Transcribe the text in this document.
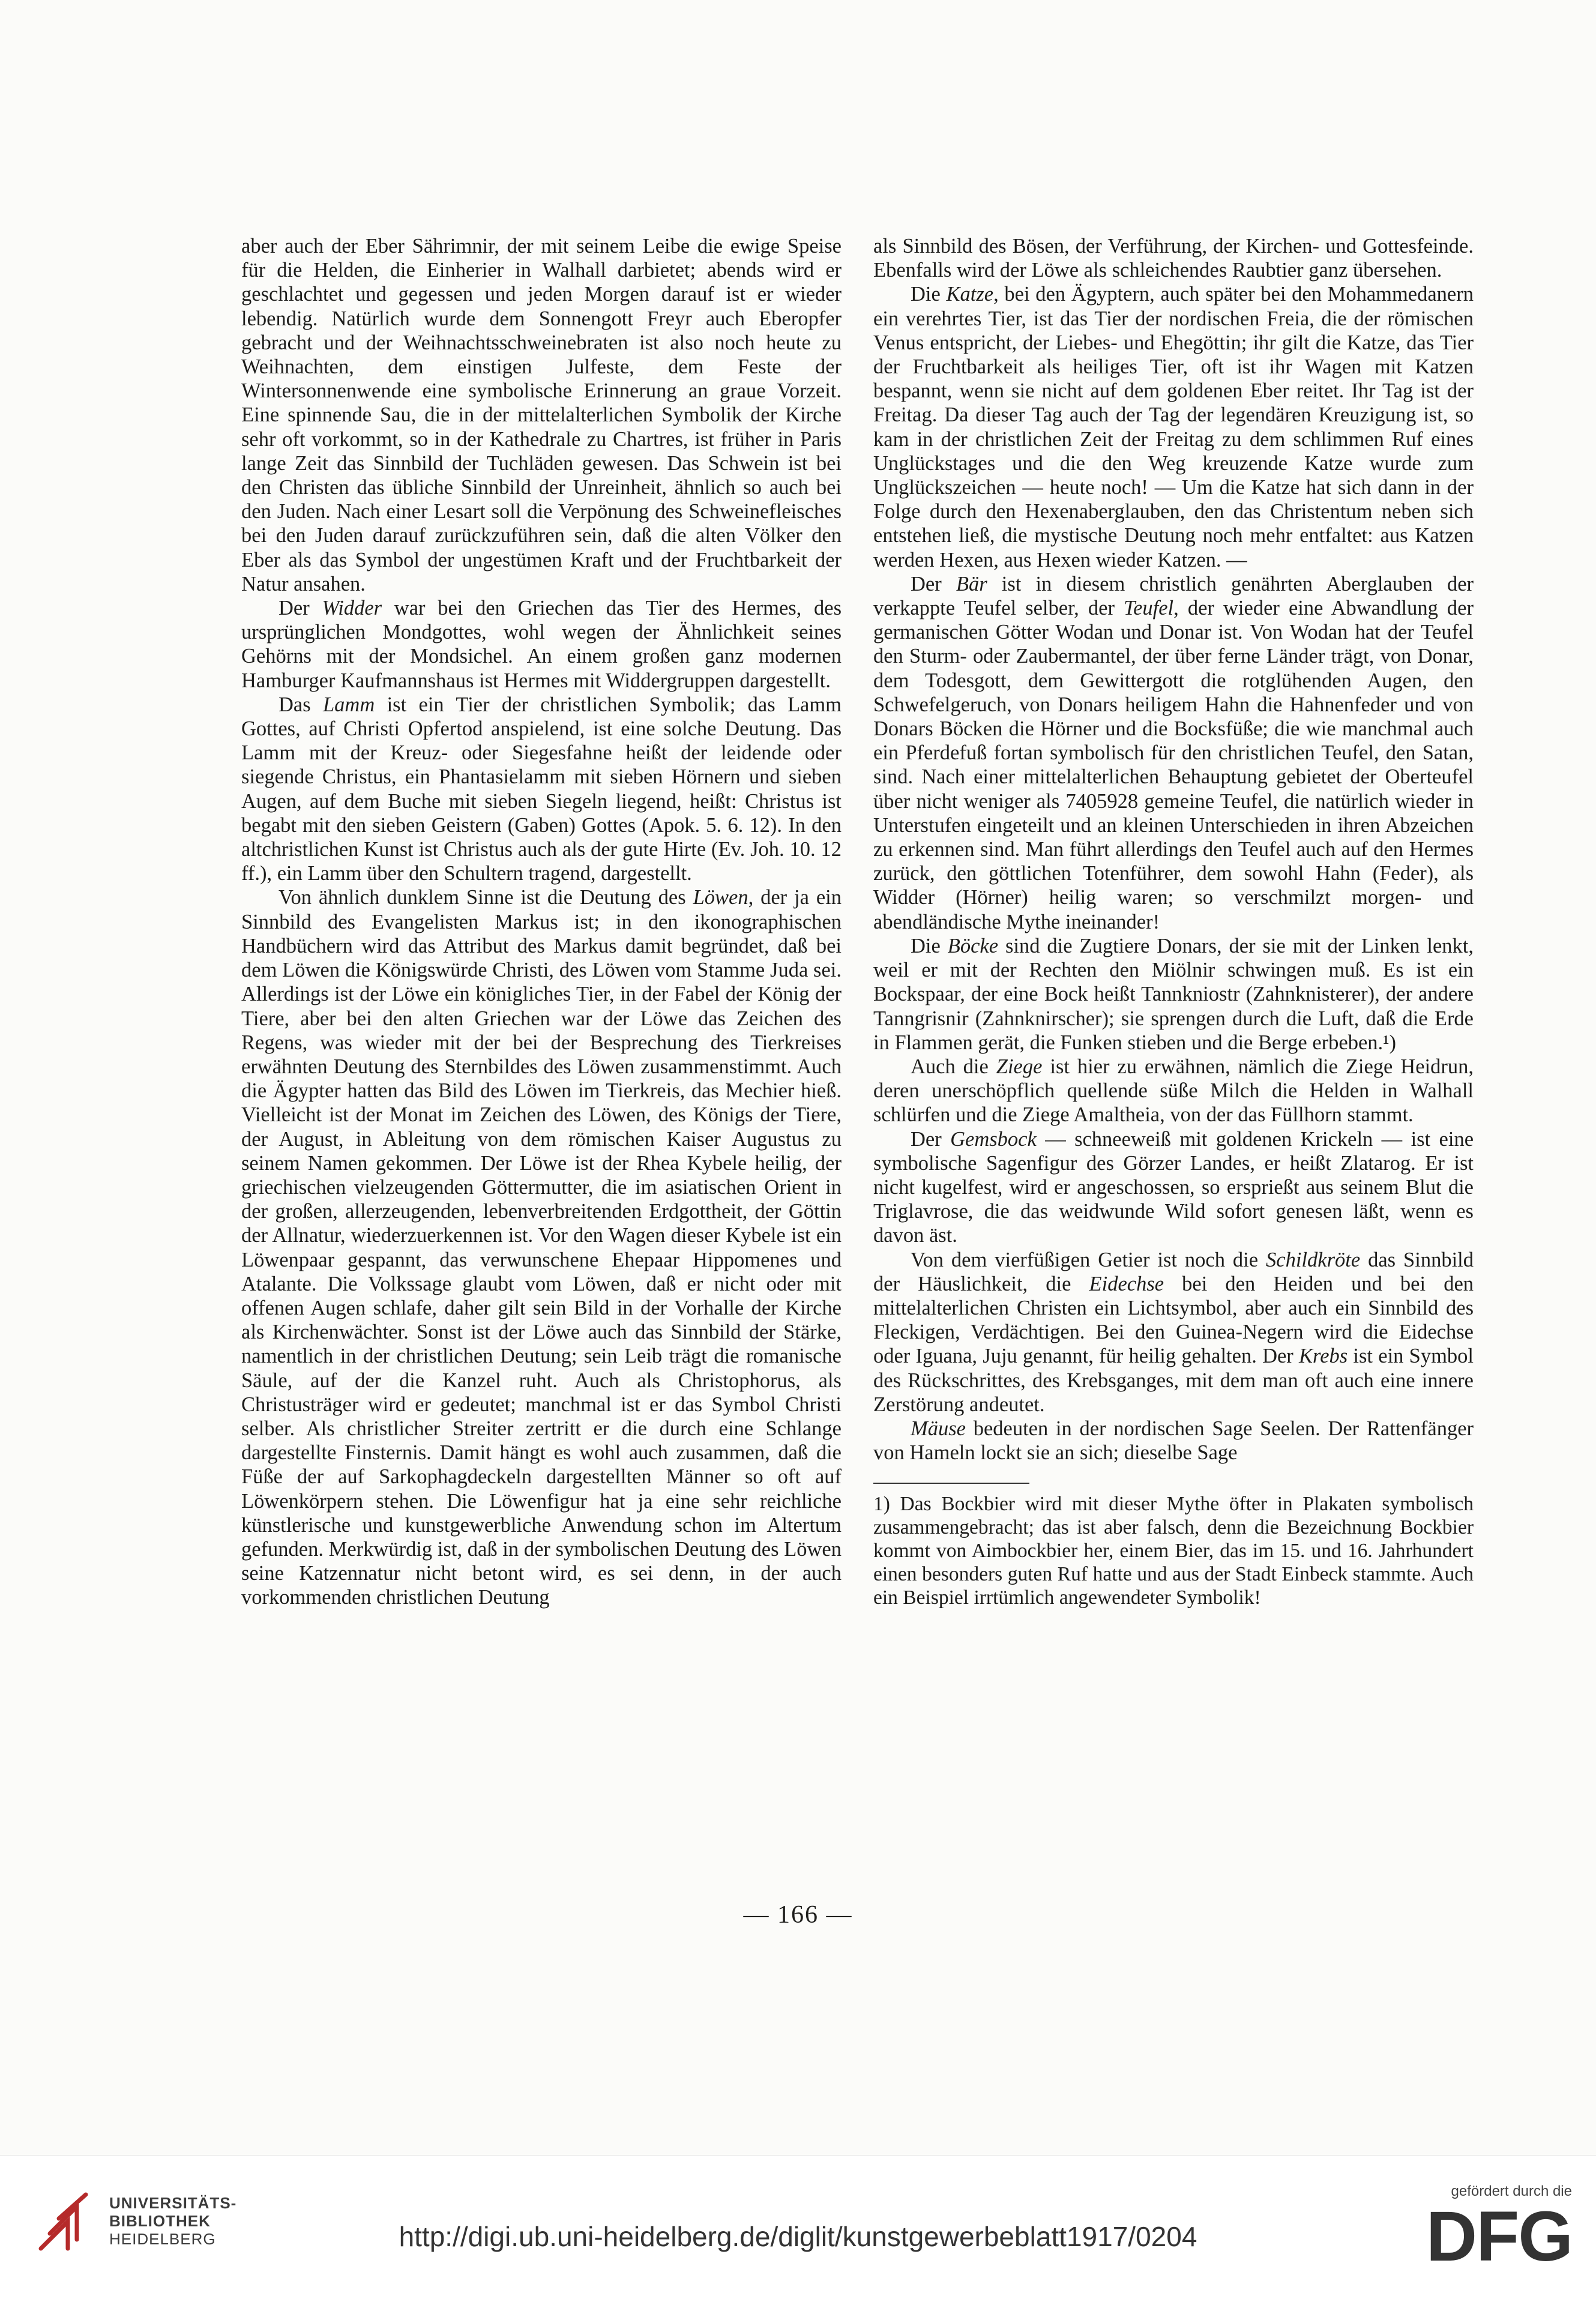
aber auch der Eber Sährimnir, der mit seinem Leibe die ewige Speise für die Helden, die Einherier in Walhall darbietet; abends wird er geschlachtet und gegessen und jeden Morgen darauf ist er wieder lebendig. Natürlich wurde dem Sonnengott Freyr auch Eberopfer gebracht und der Weihnachtsschweinebraten ist also noch heute zu Weihnachten, dem einstigen Julfeste, dem Feste der Wintersonnenwende eine symbolische Erinnerung an graue Vorzeit. Eine spinnende Sau, die in der mittelalterlichen Symbolik der Kirche sehr oft vorkommt, so in der Kathedrale zu Chartres, ist früher in Paris lange Zeit das Sinnbild der Tuchläden gewesen. Das Schwein ist bei den Christen das übliche Sinnbild der Unreinheit, ähnlich so auch bei den Juden. Nach einer Lesart soll die Verpönung des Schweinefleisches bei den Juden darauf zurückzuführen sein, daß die alten Völker den Eber als das Symbol der ungestümen Kraft und der Fruchtbarkeit der Natur ansahen.

Der Widder war bei den Griechen das Tier des Hermes, des ursprünglichen Mondgottes, wohl wegen der Ähnlichkeit seines Gehörns mit der Mondsichel. An einem großen ganz modernen Hamburger Kaufmannshaus ist Hermes mit Widdergruppen dargestellt.

Das Lamm ist ein Tier der christlichen Symbolik; das Lamm Gottes, auf Christi Opfertod anspielend, ist eine solche Deutung. Das Lamm mit der Kreuz- oder Siegesfahne heißt der leidende oder siegende Christus, ein Phantasielamm mit sieben Hörnern und sieben Augen, auf dem Buche mit sieben Siegeln liegend, heißt: Christus ist begabt mit den sieben Geistern (Gaben) Gottes (Apok. 5. 6. 12). In den altchristlichen Kunst ist Christus auch als der gute Hirte (Ev. Joh. 10. 12 ff.), ein Lamm über den Schultern tragend, dargestellt.

Von ähnlich dunklem Sinne ist die Deutung des Löwen, der ja ein Sinnbild des Evangelisten Markus ist; in den ikonographischen Handbüchern wird das Attribut des Markus damit begründet, daß bei dem Löwen die Königswürde Christi, des Löwen vom Stamme Juda sei. Allerdings ist der Löwe ein königliches Tier, in der Fabel der König der Tiere, aber bei den alten Griechen war der Löwe das Zeichen des Regens, was wieder mit der bei der Besprechung des Tierkreises erwähnten Deutung des Sternbildes des Löwen zusammenstimmt. Auch die Ägypter hatten das Bild des Löwen im Tierkreis, das Mechier hieß. Vielleicht ist der Monat im Zeichen des Löwen, des Königs der Tiere, der August, in Ableitung von dem römischen Kaiser Augustus zu seinem Namen gekommen. Der Löwe ist der Rhea Kybele heilig, der griechischen vielzeugenden Göttermutter, die im asiatischen Orient in der großen, allerzeugenden, lebenverbreitenden Erdgottheit, der Göttin der Allnatur, wiederzuerkennen ist. Vor den Wagen dieser Kybele ist ein Löwenpaar gespannt, das verwunschene Ehepaar Hippomenes und Atalante. Die Volkssage glaubt vom Löwen, daß er nicht oder mit offenen Augen schlafe, daher gilt sein Bild in der Vorhalle der Kirche als Kirchenwächter. Sonst ist der Löwe auch das Sinnbild der Stärke, namentlich in der christlichen Deutung; sein Leib trägt die romanische Säule, auf der die Kanzel ruht. Auch als Christophorus, als Christusträger wird er gedeutet; manchmal ist er das Symbol Christi selber. Als christlicher Streiter zertritt er die durch eine Schlange dargestellte Finsternis. Damit hängt es wohl auch zusammen, daß die Füße der auf Sarkophagdeckeln dargestellten Männer so oft auf Löwenkörpern stehen. Die Löwenfigur hat ja eine sehr reichliche künstlerische und kunstgewerbliche Anwendung schon im Altertum gefunden. Merkwürdig ist, daß in der symbolischen Deutung des Löwen seine Katzennatur nicht betont wird, es sei denn, in der auch vorkommenden christlichen Deutung

als Sinnbild des Bösen, der Verführung, der Kirchen- und Gottesfeinde. Ebenfalls wird der Löwe als schleichendes Raubtier ganz übersehen.

Die Katze, bei den Ägyptern, auch später bei den Mohammedanern ein verehrtes Tier, ist das Tier der nordischen Freia, die der römischen Venus entspricht, der Liebes- und Ehegöttin; ihr gilt die Katze, das Tier der Fruchtbarkeit als heiliges Tier, oft ist ihr Wagen mit Katzen bespannt, wenn sie nicht auf dem goldenen Eber reitet. Ihr Tag ist der Freitag. Da dieser Tag auch der Tag der legendären Kreuzigung ist, so kam in der christlichen Zeit der Freitag zu dem schlimmen Ruf eines Unglückstages und die den Weg kreuzende Katze wurde zum Unglückszeichen — heute noch! — Um die Katze hat sich dann in der Folge durch den Hexenaberglauben, den das Christentum neben sich entstehen ließ, die mystische Deutung noch mehr entfaltet: aus Katzen werden Hexen, aus Hexen wieder Katzen. —

Der Bär ist in diesem christlich genährten Aberglauben der verkappte Teufel selber, der Teufel, der wieder eine Abwandlung der germanischen Götter Wodan und Donar ist. Von Wodan hat der Teufel den Sturm- oder Zaubermantel, der über ferne Länder trägt, von Donar, dem Todesgott, dem Gewittergott die rotglühenden Augen, den Schwefelgeruch, von Donars heiligem Hahn die Hahnenfeder und von Donars Böcken die Hörner und die Bocksfüße; die wie manchmal auch ein Pferdefuß fortan symbolisch für den christlichen Teufel, den Satan, sind. Nach einer mittelalterlichen Behauptung gebietet der Oberteufel über nicht weniger als 7405928 gemeine Teufel, die natürlich wieder in Unterstufen eingeteilt und an kleinen Unterschieden in ihren Abzeichen zu erkennen sind. Man führt allerdings den Teufel auch auf den Hermes zurück, den göttlichen Totenführer, dem sowohl Hahn (Feder), als Widder (Hörner) heilig waren; so verschmilzt morgen- und abendländische Mythe ineinander!

Die Böcke sind die Zugtiere Donars, der sie mit der Linken lenkt, weil er mit der Rechten den Miölnir schwingen muß. Es ist ein Bockspaar, der eine Bock heißt Tannkniostr (Zahnknisterer), der andere Tanngrisnir (Zahnknirscher); sie sprengen durch die Luft, daß die Erde in Flammen gerät, die Funken stieben und die Berge erbeben.¹)

Auch die Ziege ist hier zu erwähnen, nämlich die Ziege Heidrun, deren unerschöpflich quellende süße Milch die Helden in Walhall schlürfen und die Ziege Amaltheia, von der das Füllhorn stammt.

Der Gemsbock — schneeweiß mit goldenen Krickeln — ist eine symbolische Sagenfigur des Görzer Landes, er heißt Zlatarog. Er ist nicht kugelfest, wird er angeschossen, so ersprießt aus seinem Blut die Triglavrose, die das weidwunde Wild sofort genesen läßt, wenn es davon äst.

Von dem vierfüßigen Getier ist noch die Schildkröte das Sinnbild der Häuslichkeit, die Eidechse bei den Heiden und bei den mittelalterlichen Christen ein Lichtsymbol, aber auch ein Sinnbild des Fleckigen, Verdächtigen. Bei den Guinea-Negern wird die Eidechse oder Iguana, Juju genannt, für heilig gehalten. Der Krebs ist ein Symbol des Rückschrittes, des Krebsganges, mit dem man oft auch eine innere Zerstörung andeutet.

Mäuse bedeuten in der nordischen Sage Seelen. Der Rattenfänger von Hameln lockt sie an sich; dieselbe Sage

1) Das Bockbier wird mit dieser Mythe öfter in Plakaten symbolisch zusammengebracht; das ist aber falsch, denn die Bezeichnung Bockbier kommt von Aimbockbier her, einem Bier, das im 15. und 16. Jahrhundert einen besonders guten Ruf hatte und aus der Stadt Einbeck stammte. Auch ein Beispiel irrtümlich angewendeter Symbolik!

— 166 —
UNIVERSITÄTS-
BIBLIOTHEK
HEIDELBERG	http://digi.ub.uni-heidelberg.de/diglit/kunstgewerbeblatt1917/0204
gefördert durch die
DFG
